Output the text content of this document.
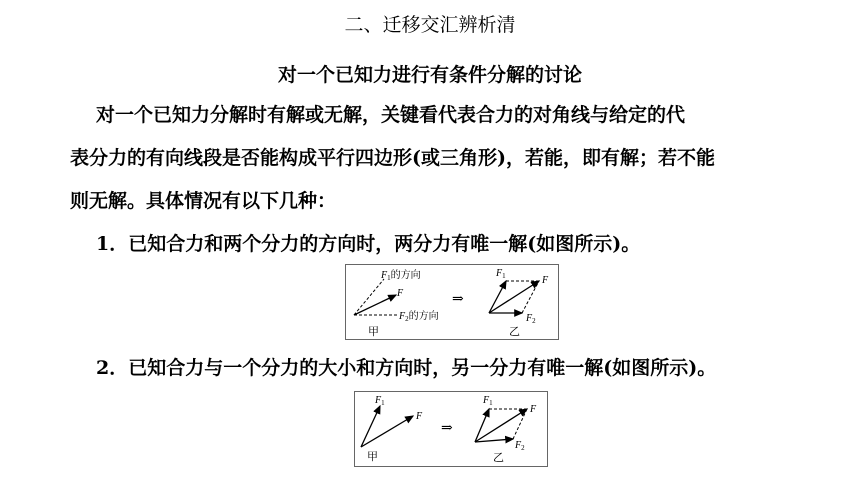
二、迁移交汇辨析清
对一个已知力进行有条件分解的讨论
对一个已知力分解时有解或无解，关键看代表合力的对角线与给定的代
表分力的有向线段是否能构成平行四边形(或三角形)，若能，即有解；若不能
则无解。具体情况有以下几种：
1．已知合力和两个分力的方向时，两分力有唯一解(如图所示)。
$F_1$的方向
F
$F_2$的方向
甲
⇒
$F_1$	F
$F_2$
乙
2．已知合力与一个分力的大小和方向时，另一分力有唯一解(如图所示)。
$F_1$
F
甲
⇒
$F_1$
F
$F_2$
乙
